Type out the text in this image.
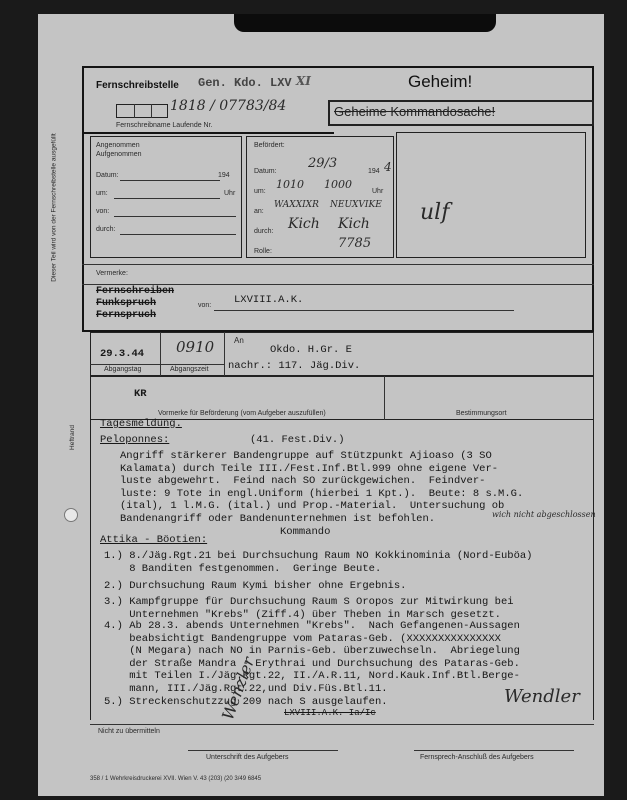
Dieser Teil wird von der Fernschreibstelle ausgefüllt
Heftrand
Fernschreibstelle Gen. Kdo. LXV XI	Geheim!
1818 / 07783/84
Fernschreibname Laufende Nr.
Geheime Kommandosache!
Angenommen
Aufgenommen
Datum:	194
um:	Uhr
von:
durch:
Befördert:
Datum:
29/3
194 4
um:
1010 1000
Uhr
an:
WAXXIXR NEUXVIKE
durch: Kich Kich
Rolle:
7785
ulf
Vermerke:
Fernschreiben
Funkspruch
Fernspruch
von: LXVIII.A.K.
29.3.44
Abgangstag
0910
Abgangszeit
An
Okdo. H.Gr. E
nachr.: 117. Jäg.Div.
KR
Vormerke für Beförderung (vom Aufgeber auszufüllen)	Bestimmungsort
Tagesmeldung.
Peloponnes:	(41. Fest.Div.)
Angriff stärkerer Bandengruppe auf Stützpunkt Ajioaso (3 SO
Kalamata) durch Teile III./Fest.Inf.Btl.999 ohne eigene Ver-
luste abgewehrt.  Feind nach SO zurückgewichen.  Feindver-
luste: 9 Tote in engl.Uniform (hierbei 1 Kpt.).  Beute: 8 s.M.G.
(ital), 1 l.M.G. (ital.) und Prop.-Material.  Untersuchung ob
Bandenangriff oder Bandenunternehmen ist befohlen.
Kommando
wich nicht abgeschlossen
Attika - Böotien:
1.) 8./Jäg.Rgt.21 bei Durchsuchung Raum NO Kokkinominia (Nord-Euböa)
8 Banditen festgenommen.  Geringe Beute.
2.) Durchsuchung Raum Kymi bisher ohne Ergebnis.
3.) Kampfgruppe für Durchsuchung Raum S Oropos zur Mitwirkung bei
Unternehmen "Krebs" (Ziff.4) über Theben in Marsch gesetzt.
4.) Ab 28.3. abends Unternehmen "Krebs".  Nach Gefangenen-Aussagen
beabsichtigt Bandengruppe vom Pataras-Geb. (XXXXXXXXXXXXXXX
(N Megara) nach NO in Parnis-Geb. überzuwechseln.  Abriegelung
der Straße Mandra - Erythrai und Durchsuchung des Pataras-Geb.
mit Teilen I./Jäg.Rgt.22, II./A.R.11, Nord.Kauk.Inf.Btl.Berge-
mann, III./Jäg.Rgt.22,und Div.Füs.Btl.11.
5.) Streckenschutzzug 209 nach S ausgelaufen.
LXVIII.A.K. Ia/Ic
Wendler
Nicht zu übermitteln
Wenzler
Unterschrift des Aufgebers	Fernsprech-Anschluß des Aufgebers
358 / 1 Wehrkreisdruckerei XVII. Wien V. 43 (203) (20 3/49 6845
